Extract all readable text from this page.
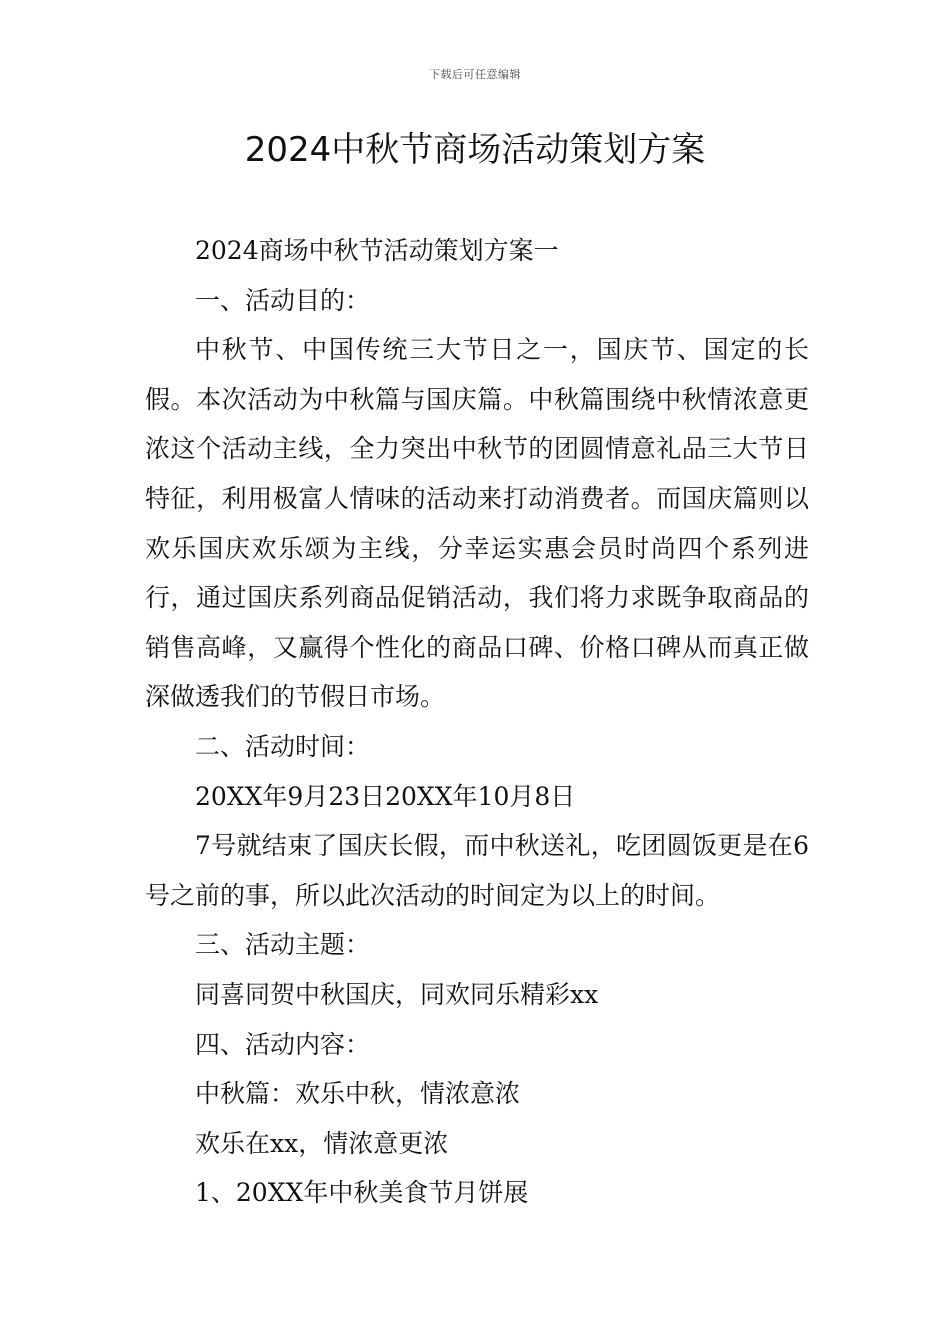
下载后可任意编辑
2024中秋节商场活动策划方案

2024商场中秋节活动策划方案一

一、活动目的：

中秋节、中国传统三大节日之一，国庆节、国定的长假。本次活动为中秋篇与国庆篇。中秋篇围绕中秋情浓意更浓这个活动主线，全力突出中秋节的团圆情意礼品三大节日特征，利用极富人情味的活动来打动消费者。而国庆篇则以欢乐国庆欢乐颂为主线，分幸运实惠会员时尚四个系列进行，通过国庆系列商品促销活动，我们将力求既争取商品的销售高峰，又赢得个性化的商品口碑、价格口碑从而真正做深做透我们的节假日市场。

二、活动时间：

20XX年9月23日20XX年10月8日

7号就结束了国庆长假，而中秋送礼，吃团圆饭更是在6号之前的事，所以此次活动的时间定为以上的时间。

三、活动主题：

同喜同贺中秋国庆，同欢同乐精彩xx

四、活动内容：

中秋篇：欢乐中秋，情浓意浓

欢乐在xx，情浓意更浓

1、20XX年中秋美食节月饼展
